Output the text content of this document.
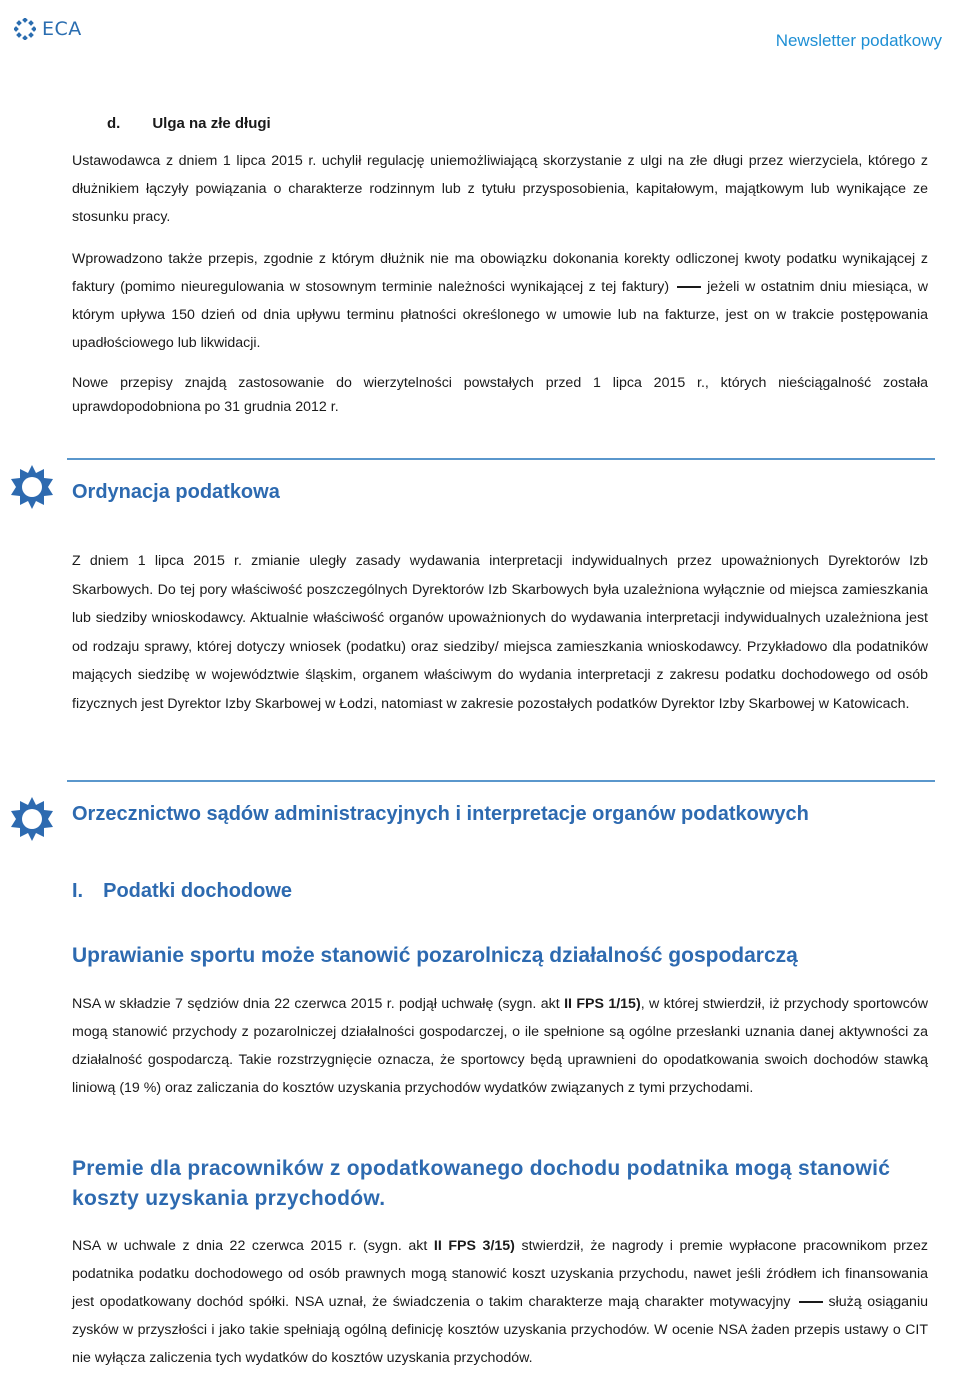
ECA
Newsletter podatkowy
d. Ulga na złe długi

Ustawodawca z dniem 1 lipca 2015 r. uchylił regulację uniemożliwiającą skorzystanie z ulgi na złe długi przez wierzyciela, którego z dłużnikiem łączyły powiązania o charakterze rodzinnym lub z tytułu przysposobienia, kapitałowym, majątkowym lub wynikające ze stosunku pracy.

Wprowadzono także przepis, zgodnie z którym dłużnik nie ma obowiązku dokonania korekty odliczonej kwoty podatku wynikającej z faktury (pomimo nieuregulowania w stosownym terminie należności wynikającej z tej faktury)	jeżeli w ostatnim dniu miesiąca, w którym upływa 150 dzień od dnia upływu terminu płatności określonego w umowie lub na fakturze, jest on w trakcie postępowania upadłościowego lub likwidacji.

Nowe przepisy znajdą zastosowanie do wierzytelności powstałych przed 1 lipca 2015 r., których nieściągalność została uprawdopodobniona po 31 grudnia 2012 r.

Ordynacja podatkowa

Z dniem 1 lipca 2015 r. zmianie uległy zasady wydawania interpretacji indywidualnych przez upoważnionych Dyrektorów Izb Skarbowych. Do tej pory właściwość poszczególnych Dyrektorów Izb Skarbowych była uzależniona wyłącznie od miejsca zamieszkania lub siedziby wnioskodawcy. Aktualnie właściwość organów upoważnionych do wydawania interpretacji indywidualnych uzależniona jest od rodzaju sprawy, której dotyczy wniosek (podatku) oraz siedziby/ miejsca zamieszkania wnioskodawcy. Przykładowo dla podatników mających siedzibę w województwie śląskim, organem właściwym do wydania interpretacji z zakresu podatku dochodowego od osób fizycznych jest Dyrektor Izby Skarbowej w Łodzi, natomiast w zakresie pozostałych podatków Dyrektor Izby Skarbowej w Katowicach.

Orzecznictwo sądów administracyjnych i interpretacje organów podatkowych
I. Podatki dochodowe
Uprawianie sportu może stanowić pozarolniczą działalność gospodarczą

NSA w składzie 7 sędziów dnia 22 czerwca 2015 r. podjął uchwałę (sygn. akt II FPS 1/15), w której stwierdził, iż przychody sportowców mogą stanowić przychody z pozarolniczej działalności gospodarczej, o ile spełnione są ogólne przesłanki uznania danej aktywności za działalność gospodarczą. Takie rozstrzygnięcie oznacza, że sportowcy będą uprawnieni do opodatkowania swoich dochodów stawką liniową (19 %) oraz zaliczania do kosztów uzyskania przychodów wydatków związanych z tymi przychodami.

Premie dla pracowników z opodatkowanego dochodu podatnika mogą stanowić koszty uzyskania przychodów.

NSA w uchwale z dnia 22 czerwca 2015 r. (sygn. akt II FPS 3/15) stwierdził, że nagrody i premie wypłacone pracownikom przez podatnika podatku dochodowego od osób prawnych mogą stanowić koszt uzyskania przychodu, nawet jeśli źródłem ich finansowania jest opodatkowany dochód spółki. NSA uznał, że świadczenia o takim charakterze mają charakter motywacyjny	służą osiąganiu zysków w przyszłości i jako takie spełniają ogólną definicję kosztów uzyskania przychodów. W ocenie NSA żaden przepis ustawy o CIT nie wyłącza zaliczenia tych wydatków do kosztów uzyskania przychodów.
